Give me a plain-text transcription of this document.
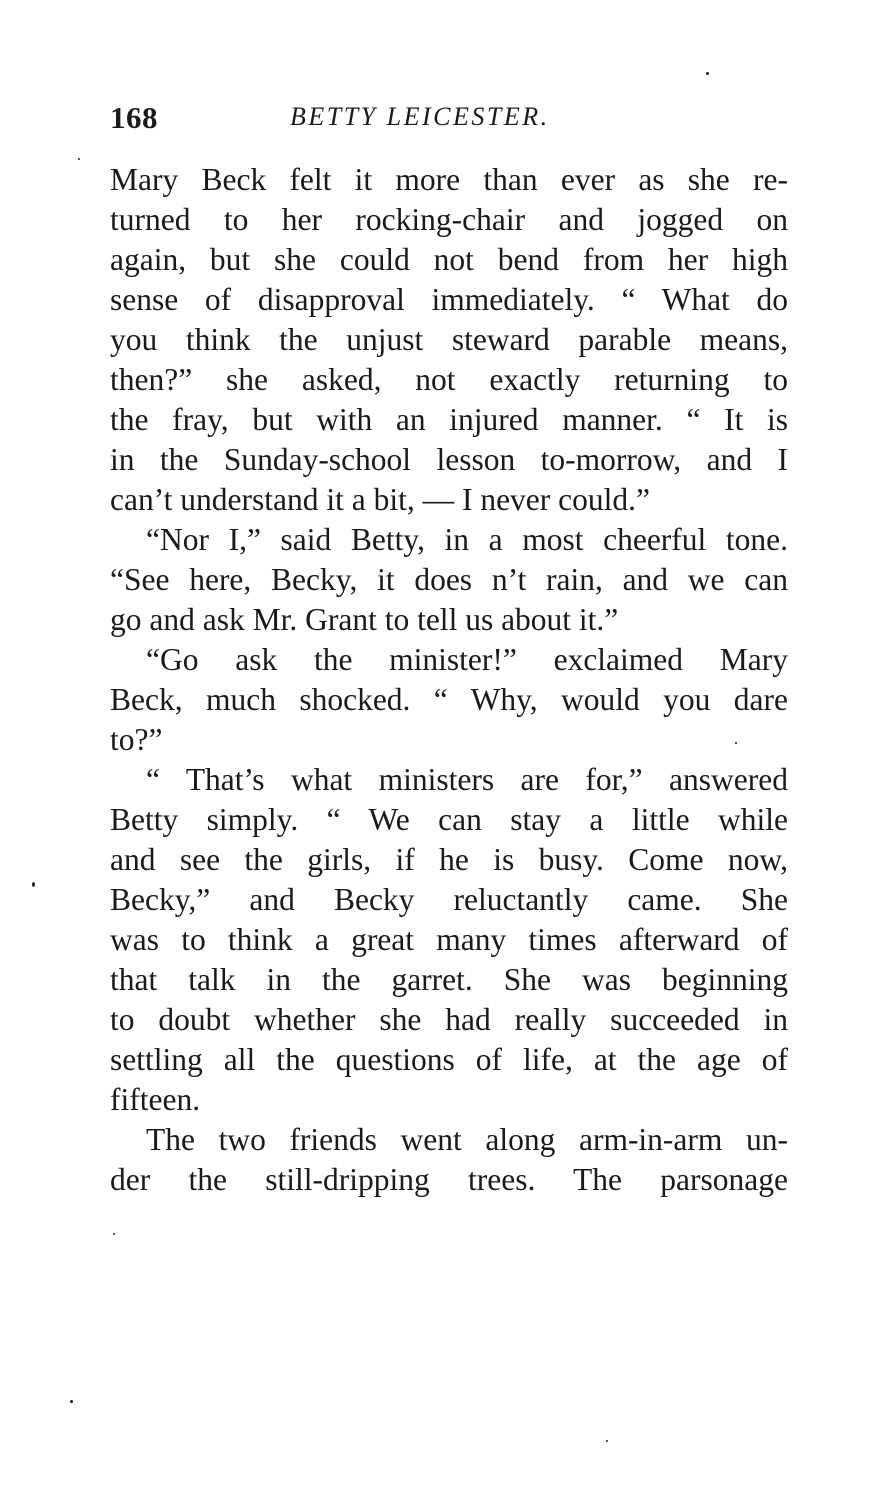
168	BETTY LEICESTER.
Mary Beck felt it more than ever as she re-
turned to her rocking-chair and jogged on
again, but she could not bend from her high
sense of disapproval immediately. “ What do
you think the unjust steward parable means,
then?” she asked, not exactly returning to
the fray, but with an injured manner. “ It is
in the Sunday-school lesson to-morrow, and I
can’t understand it a bit, — I never could.”
“Nor I,” said Betty, in a most cheerful tone.
“See here, Becky, it does n’t rain, and we can
go and ask Mr. Grant to tell us about it.”
“Go ask the minister!” exclaimed Mary
Beck, much shocked. “ Why, would you dare
to?”
“ That’s what ministers are for,” answered
Betty simply. “ We can stay a little while
and see the girls, if he is busy. Come now,
Becky,” and Becky reluctantly came. She
was to think a great many times afterward of
that talk in the garret. She was beginning
to doubt whether she had really succeeded in
settling all the questions of life, at the age of
fifteen.
The two friends went along arm-in-arm un-
der the still-dripping trees. The parsonage
